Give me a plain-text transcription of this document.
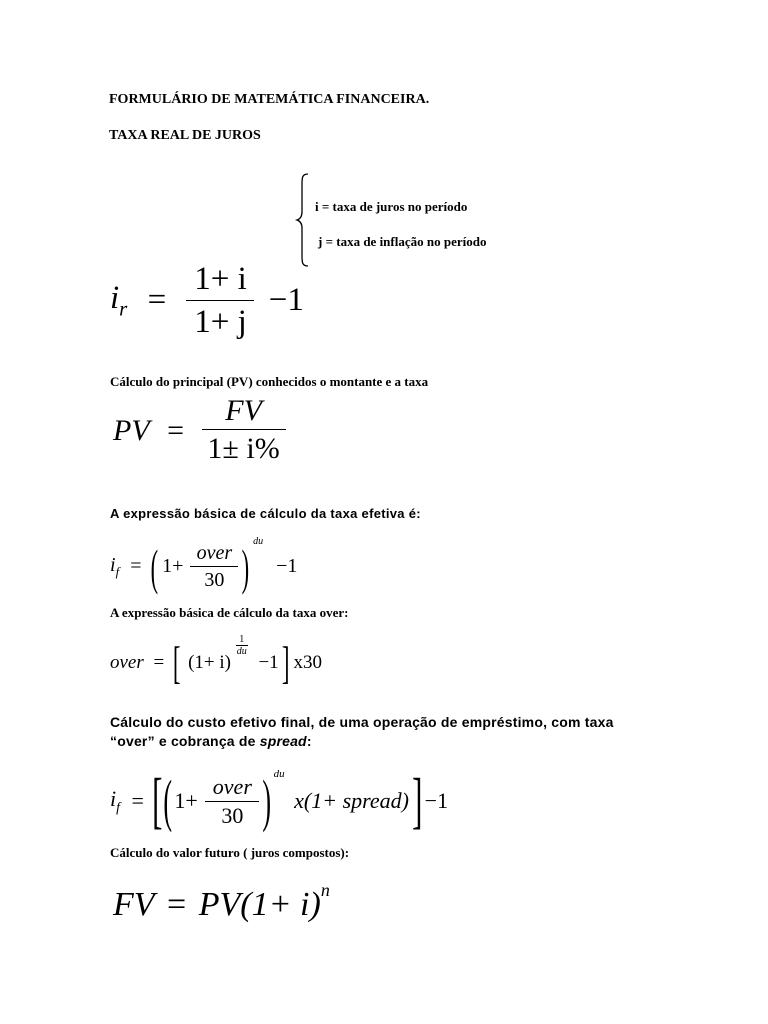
FORMULÁRIO DE MATEMÁTICA FINANCEIRA.
TAXA REAL DE JUROS
i = taxa de juros no período
j = taxa de inflação no período
$i_r = \frac{1+ i}{1+ j} -1$
Cálculo do principal (PV) conhecidos o montante e a taxa
PV = $\frac{FV}{1\pm i\%}$
A expressão básica de cálculo da taxa efetiva é:
$i_f$ = ( $1+ \frac{\text{over}}{30}$ ) du −1
A expressão básica de cálculo da taxa over:
over = [ (1+ i)
$\frac{1}{du}$
−1 ] x30
Cálculo do custo efetivo final, de uma operação de empréstimo, com taxa
“over” e cobrança de spread:
$i_f$ = [ ( $1+ \frac{\text{over}}{30}$ ) du x(1+ spread) ] −1
Cálculo do valor futuro ( juros compostos):
FV = $PV(1+ i)^n$
